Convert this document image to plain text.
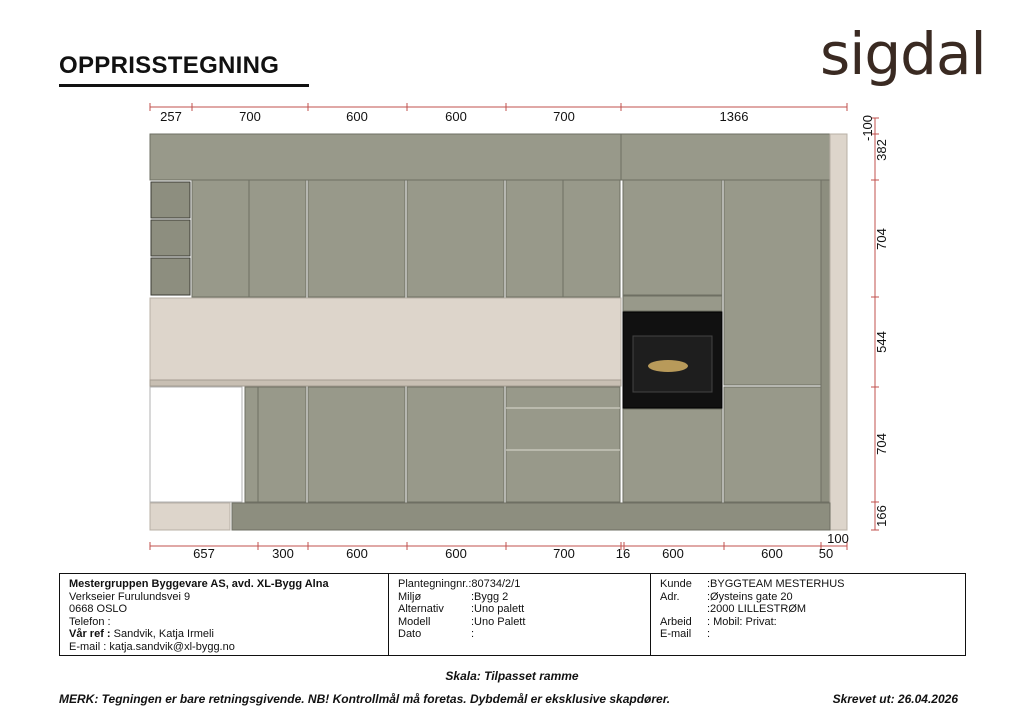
OPPRISSTEGNING	sigdal
257	700	600	600	700	1366
657	300	600	600	700	16 600	600	50
100
-100
382
704
544
704
166
Mestergruppen Byggevare AS, avd. XL-Bygg Alna
Verkseier Furulundsvei 9
0668 OSLO
Telefon :
Vår ref : Sandvik, Katja Irmeli
E-mail : katja.sandvik@xl-bygg.no
Plantegningnr.:80734/2/1
Miljø	:Bygg 2
Alternativ :Uno palett
Modell	:Uno Palett
Dato	:
Kunde :BYGGTEAM MESTERHUS
Adr. :Øysteins gate 20
:2000 LILLESTRØM
Arbeid : Mobil: Privat:
E-mail :
Skala: Tilpasset ramme
MERK: Tegningen er bare retningsgivende. NB! Kontrollmål må foretas. Dybdemål er eksklusive skapdører.	Skrevet ut: 26.04.2026
